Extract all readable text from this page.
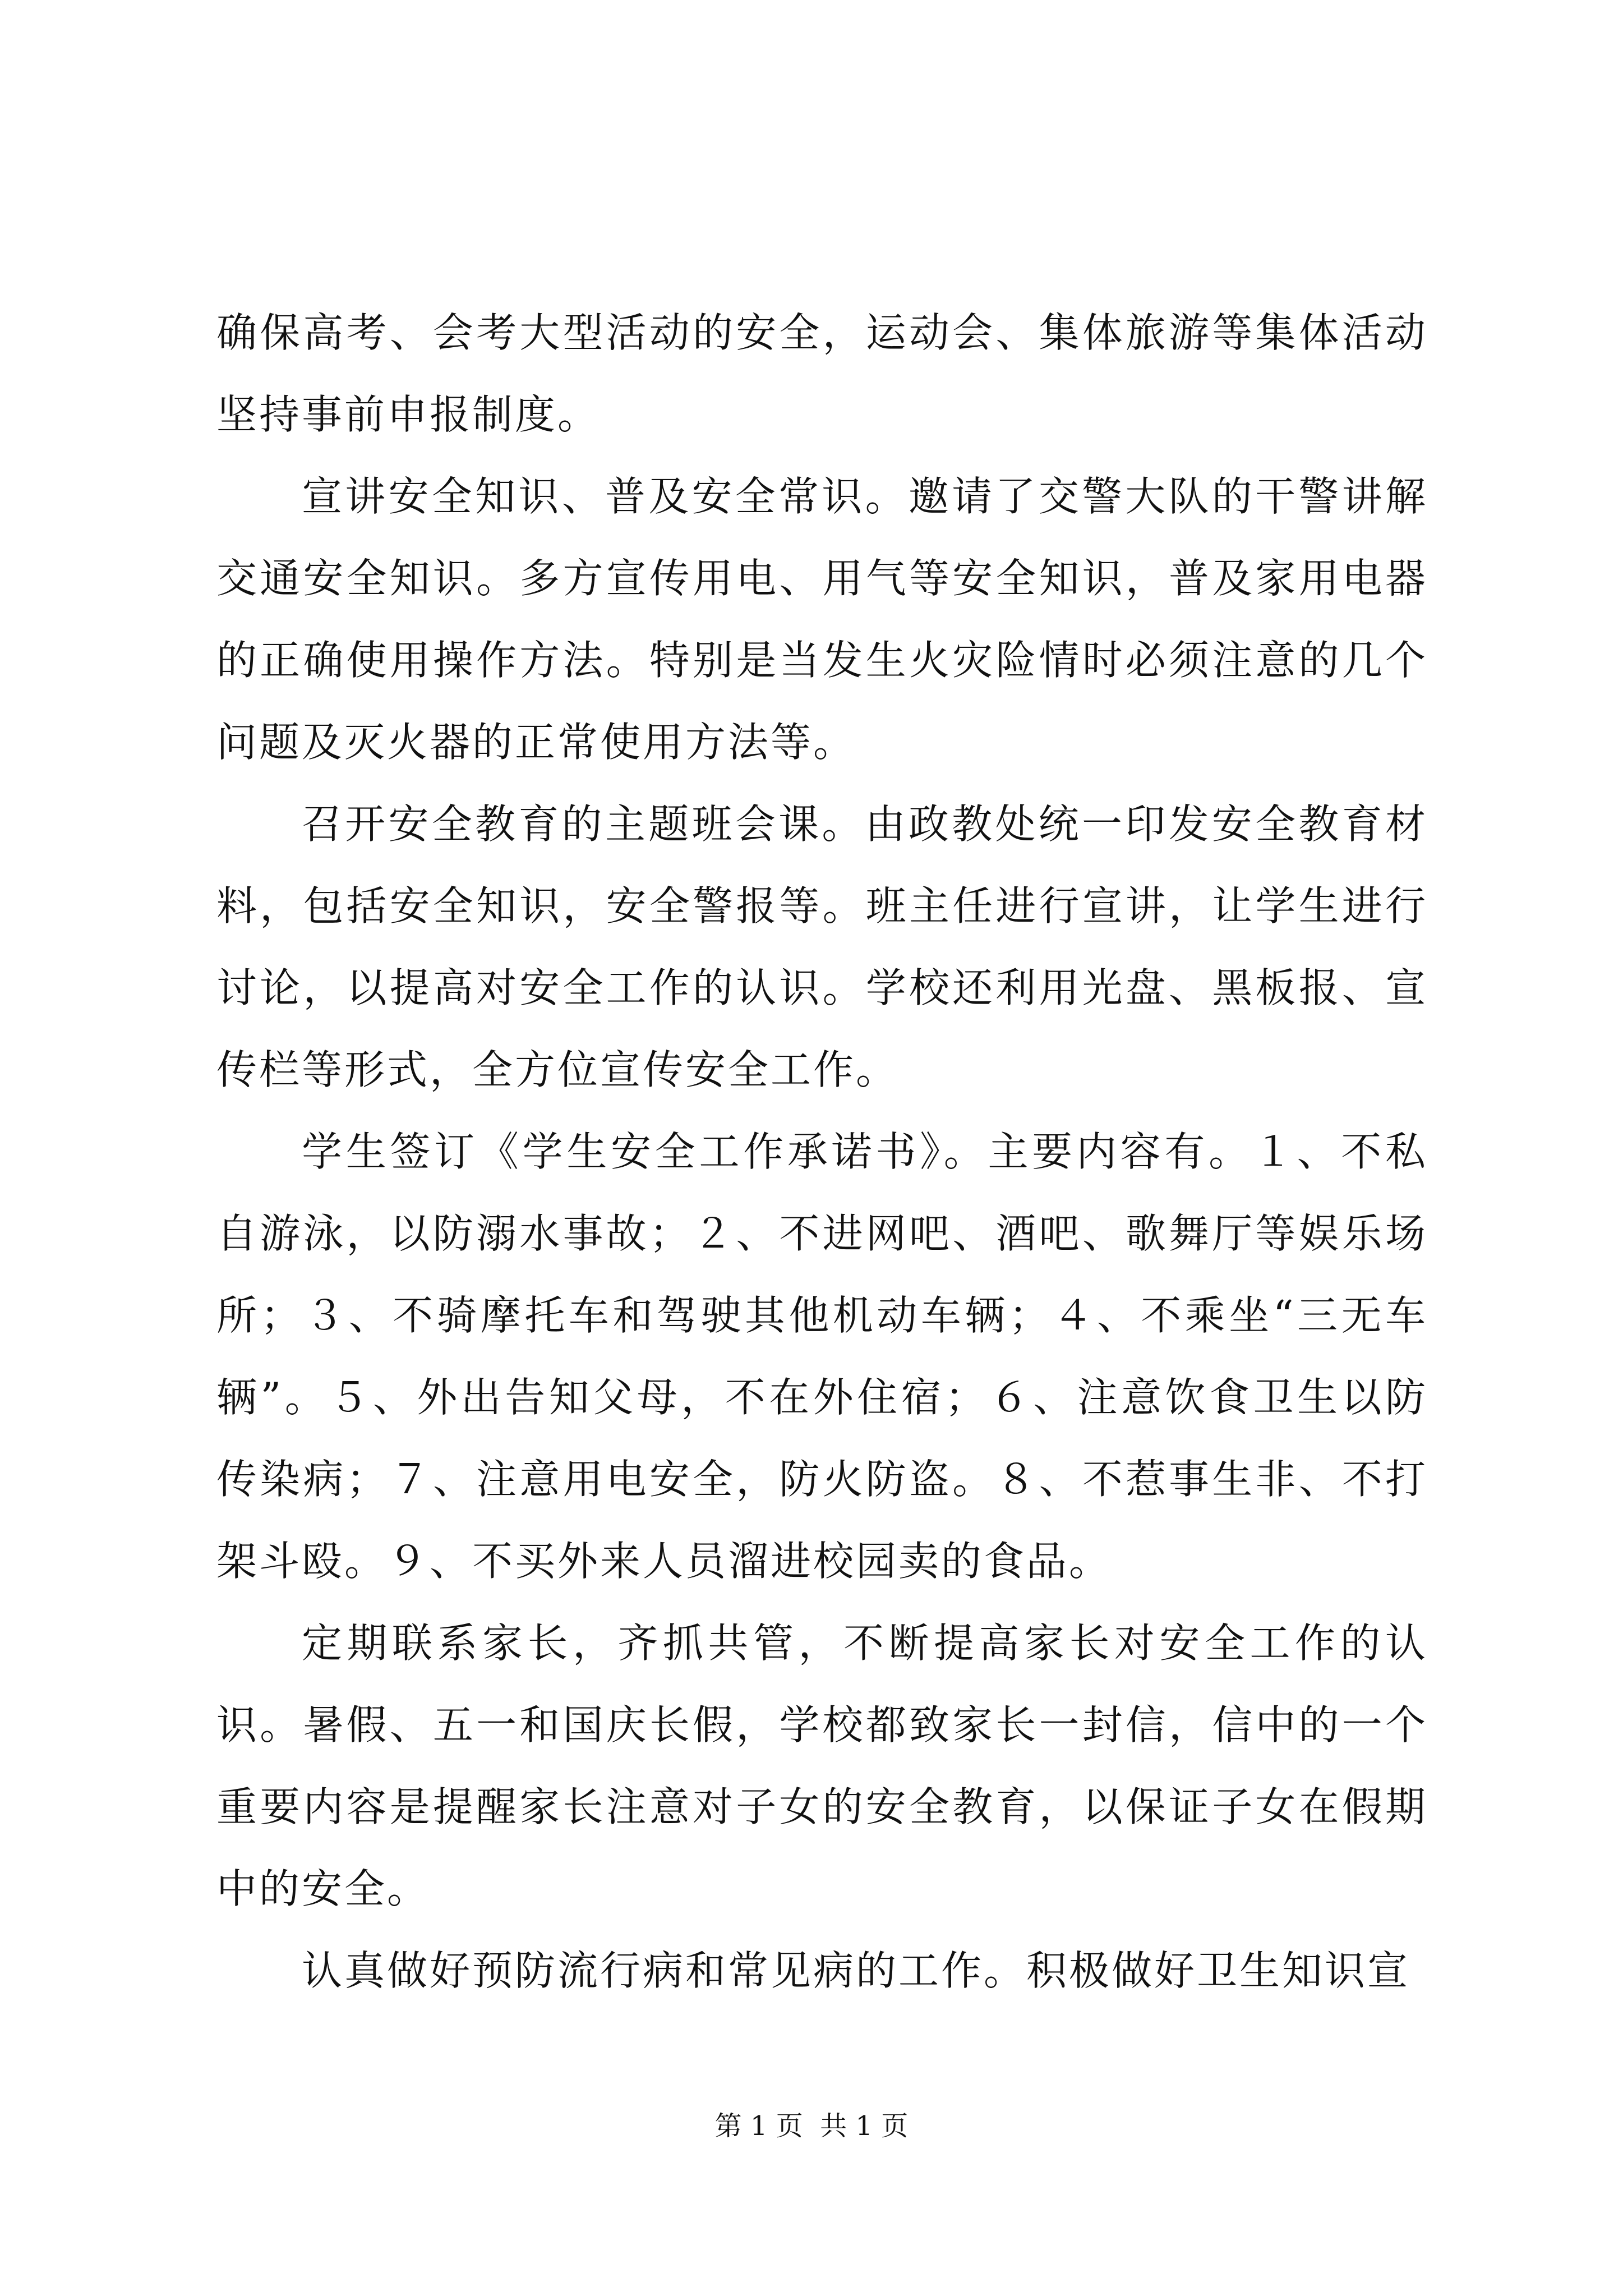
确保高考、会考大型活动的安全，运动会、集体旅游等集体活动坚持事前申报制度。

宣讲安全知识、普及安全常识。邀请了交警大队的干警讲解交通安全知识。多方宣传用电、用气等安全知识，普及家用电器的正确使用操作方法。特别是当发生火灾险情时必须注意的几个问题及灭火器的正常使用方法等。

召开安全教育的主题班会课。由政教处统一印发安全教育材料，包括安全知识，安全警报等。班主任进行宣讲，让学生进行讨论，以提高对安全工作的认识。学校还利用光盘、黑板报、宣传栏等形式，全方位宣传安全工作。

学生签订《学生安全工作承诺书》。主要内容有。１、不私自游泳，以防溺水事故；２、不进网吧、酒吧、歌舞厅等娱乐场所；３、不骑摩托车和驾驶其他机动车辆；４、不乘坐“三无车辆”。５、外出告知父母，不在外住宿；６、注意饮食卫生以防传染病；７、注意用电安全，防火防盗。８、不惹事生非、不打架斗殴。９、不买外来人员溜进校园卖的食品。

定期联系家长，齐抓共管，不断提高家长对安全工作的认识。暑假、五一和国庆长假，学校都致家长一封信，信中的一个重要内容是提醒家长注意对子女的安全教育，以保证子女在假期中的安全。

认真做好预防流行病和常见病的工作。积极做好卫生知识宣

第 1 页  共 1 页
